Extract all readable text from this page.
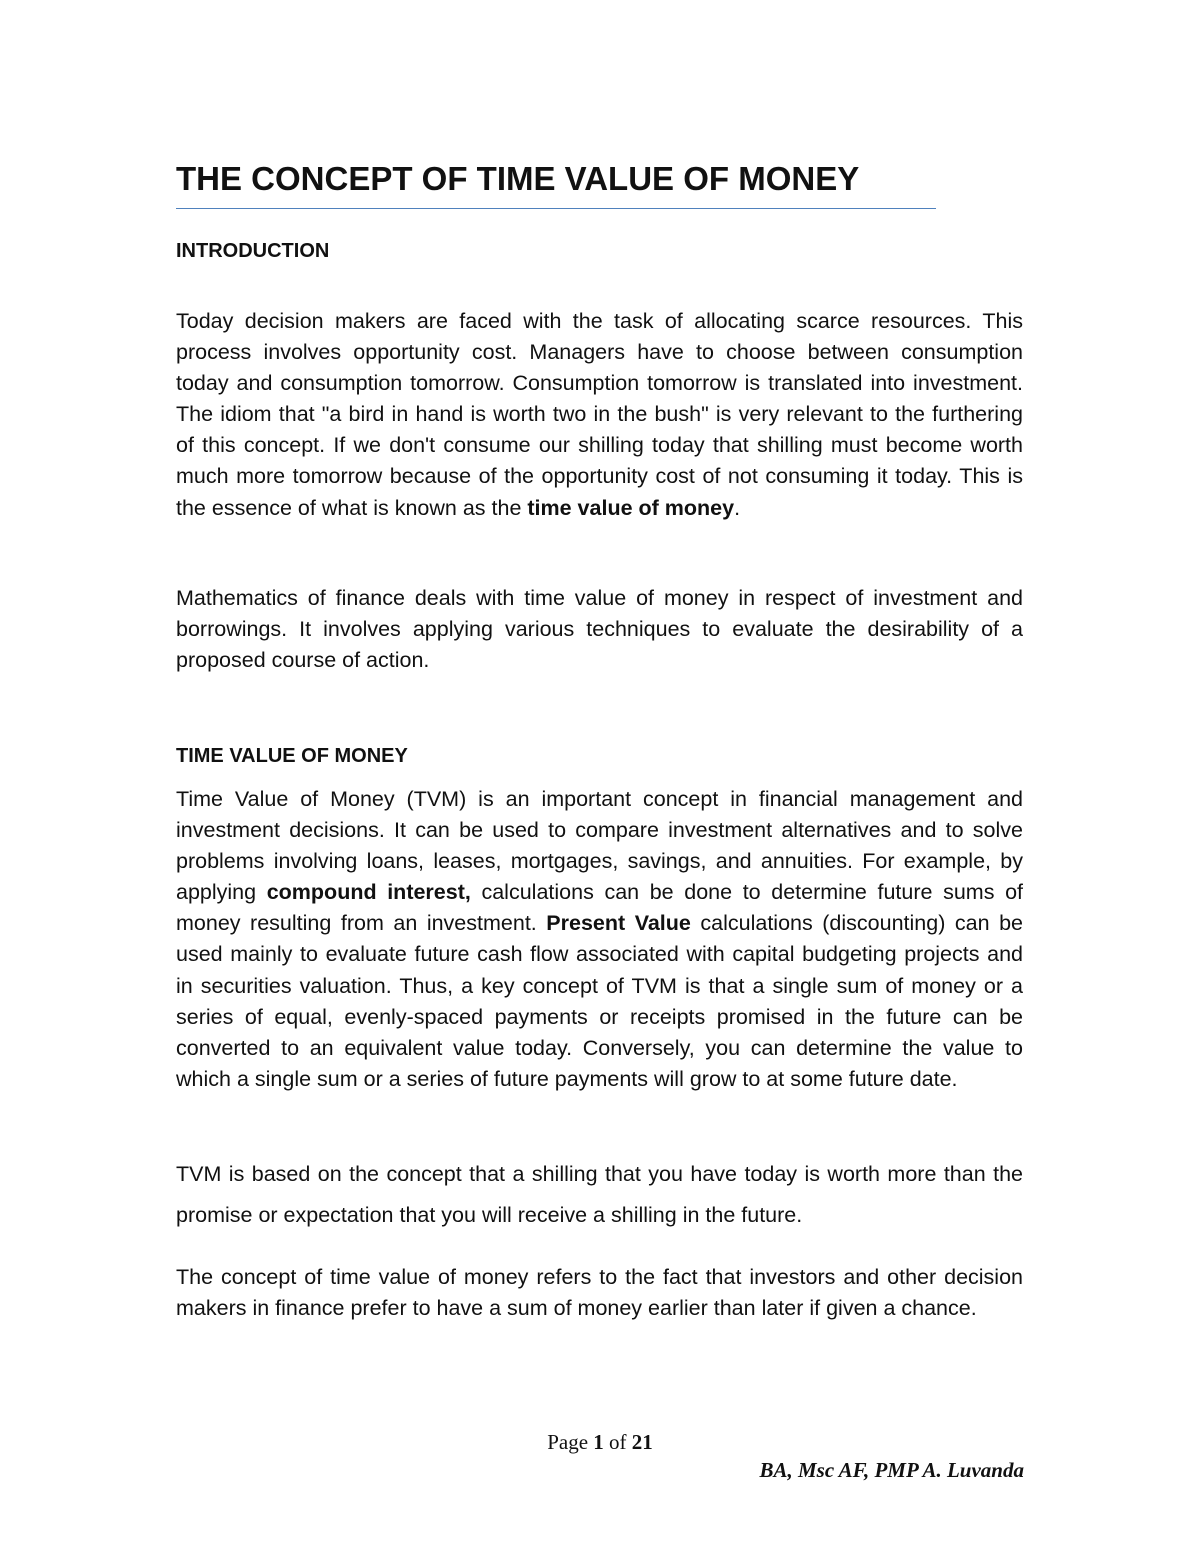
THE CONCEPT OF TIME VALUE OF MONEY
INTRODUCTION

Today decision makers are faced with the task of allocating scarce resources. This process involves opportunity cost. Managers have to choose between consumption today and consumption tomorrow. Consumption tomorrow is translated into investment. The idiom that "a bird in hand is worth two in the bush" is very relevant to the furthering of this concept. If we don't consume our shilling today that shilling must become worth much more tomorrow because of the opportunity cost of not consuming it today. This is the essence of what is known as the time value of money.

Mathematics of finance deals with time value of money in respect of investment and borrowings. It involves applying various techniques to evaluate the desirability of a proposed course of action.

TIME VALUE OF MONEY

Time Value of Money (TVM) is an important concept in financial management and investment decisions. It can be used to compare investment alternatives and to solve problems involving loans, leases, mortgages, savings, and annuities. For example, by applying compound interest, calculations can be done to determine future sums of money resulting from an investment. Present Value calculations (discounting) can be used mainly to evaluate future cash flow associated with capital budgeting projects and in securities valuation. Thus, a key concept of TVM is that a single sum of money or a series of equal, evenly-spaced payments or receipts promised in the future can be converted to an equivalent value today. Conversely, you can determine the value to which a single sum or a series of future payments will grow to at some future date.

TVM is based on the concept that a shilling that you have today is worth more than the promise or expectation that you will receive a shilling in the future.

The concept of time value of money refers to the fact that investors and other decision makers in finance prefer to have a sum of money earlier than later if given a chance.

Page 1 of 21
BA, Msc AF, PMP A. Luvanda
